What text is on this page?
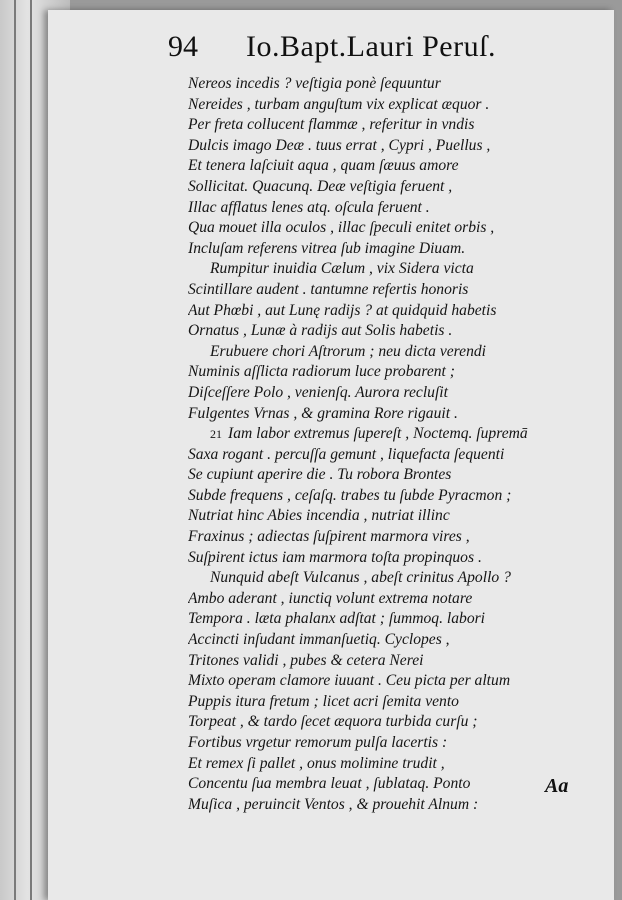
94 Io.Bapt.Lauri Peruſ.
Nereos incedis ? veſtigia ponè ſequuntur
Nereides , turbam anguſtum vix explicat æquor .
Per freta collucent flammæ , referitur in vndis
Dulcis imago Deæ . tuus errat , Cypri , Puellus ,
Et tenera laſciuit aqua , quam ſæuus amore
Sollicitat. Quacunq. Deæ veſtigia feruent ,
Illac afflatus lenes atq. oſcula feruent .
Qua mouet illa oculos , illac ſpeculi enitet orbis ,
Incluſam referens vitrea ſub imagine Diuam.
Rumpitur inuidia Cælum , vix Sidera victa
Scintillare audent . tantumne refertis honoris
Aut Phœbi , aut Lunę radijs ? at quidquid habetis
Ornatus , Lunæ à radijs aut Solis habetis .
Erubuere chori Aſtrorum ; neu dicta verendi
Numinis aſſlicta radiorum luce probarent ;
Diſceſſere Polo , venienſq. Aurora recluſit
Fulgentes Vrnas , & gramina Rore rigauit .
21 Iam labor extremus ſupereſt , Noctemq. ſupremā
Saxa rogant . percuſſa gemunt , liquefacta ſequenti
Se cupiunt aperire die . Tu robora Brontes
Subde frequens , ceſaſq. trabes tu ſubde Pyracmon ;
Nutriat hinc Abies incendia , nutriat illinc
Fraxinus ; adiectas ſuſpirent marmora vires ,
Suſpirent ictus iam marmora toſta propinquos .
Nunquid abeſt Vulcanus , abeſt crinitus Apollo ?
Ambo aderant , iunctiq volunt extrema notare
Tempora . læta phalanx adſtat ; ſummoq. labori
Accincti inſudant immanſuetiq. Cyclopes ,
Tritones validi , pubes & cetera Nerei
Mixto operam clamore iuuant . Ceu picta per altum
Puppis itura fretum ; licet acri ſemita vento
Torpeat , & tardo ſecet æquora turbida curſu ;
Fortibus vrgetur remorum pulſa lacertis :
Et remex ſi pallet , onus molimine trudit ,
Concentu ſua membra leuat , ſublataq. Ponto
Muſica , peruincit Ventos , & prouehit Alnum :
Aa
